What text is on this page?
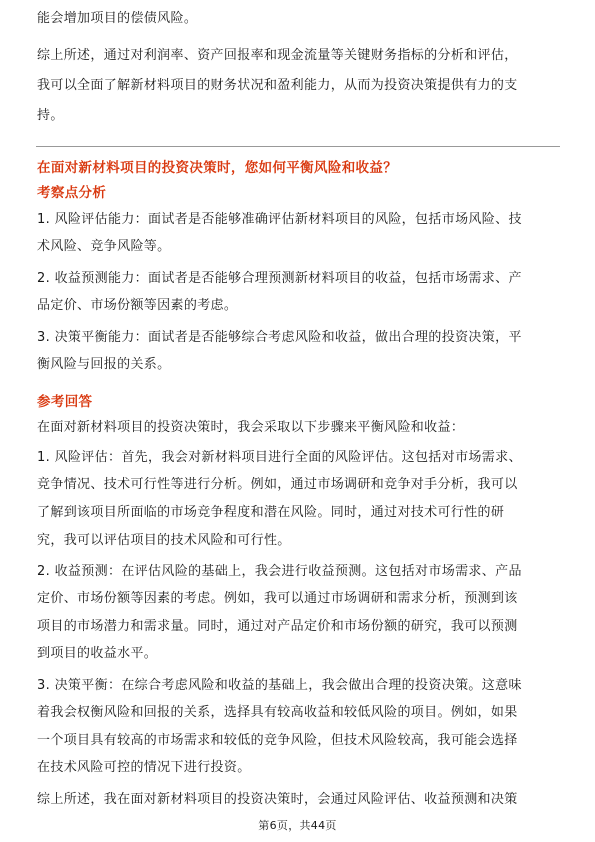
能会增加项目的偿债风险。
综上所述，通过对利润率、资产回报率和现金流量等关键财务指标的分析和评估，
我可以全面了解新材料项目的财务状况和盈利能力，从而为投资决策提供有力的支
持。
在面对新材料项目的投资决策时，您如何平衡风险和收益？
考察点分析
1. 风险评估能力：面试者是否能够准确评估新材料项目的风险，包括市场风险、技
术风险、竞争风险等。
2. 收益预测能力：面试者是否能够合理预测新材料项目的收益，包括市场需求、产
品定价、市场份额等因素的考虑。
3. 决策平衡能力：面试者是否能够综合考虑风险和收益，做出合理的投资决策，平
衡风险与回报的关系。
参考回答
在面对新材料项目的投资决策时，我会采取以下步骤来平衡风险和收益：
1. 风险评估：首先，我会对新材料项目进行全面的风险评估。这包括对市场需求、
竞争情况、技术可行性等进行分析。例如，通过市场调研和竞争对手分析，我可以
了解到该项目所面临的市场竞争程度和潜在风险。同时，通过对技术可行性的研
究，我可以评估项目的技术风险和可行性。
2. 收益预测：在评估风险的基础上，我会进行收益预测。这包括对市场需求、产品
定价、市场份额等因素的考虑。例如，我可以通过市场调研和需求分析，预测到该
项目的市场潜力和需求量。同时，通过对产品定价和市场份额的研究，我可以预测
到项目的收益水平。
3. 决策平衡：在综合考虑风险和收益的基础上，我会做出合理的投资决策。这意味
着我会权衡风险和回报的关系，选择具有较高收益和较低风险的项目。例如，如果
一个项目具有较高的市场需求和较低的竞争风险，但技术风险较高，我可能会选择
在技术风险可控的情况下进行投资。
综上所述，我在面对新材料项目的投资决策时，会通过风险评估、收益预测和决策
第6页，共44页
